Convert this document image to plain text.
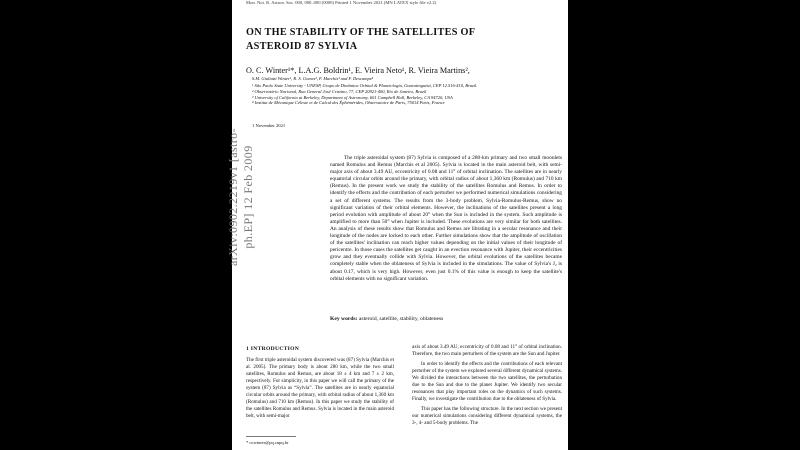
Mon. Not. R. Astron. Soc. 000, 000–000 (0000) Printed 1 November 2021 (MN LATEX style file v2.2)
ON THE STABILITY OF THE SATELLITES OF
ASTEROID 87 SYLVIA
arXiv:0902.2219v1 [astro-ph.EP] 12 Feb 2009
O. C. Winter¹*, L.A.G. Boldrin¹, E. Vieira Neto¹, R. Vieira Martins²,
S.M. Giuliatti Winter¹, R. S. Gomes², F. Marchis³ and F. Descamps⁴
¹ São Paulo State University - UNESP, Grupo de Dinâmica Orbital & Planetologia, Guaratinguetá, CEP 12.516-410, Brazil.
² Observatório Nacional, Rua General José Cristino, 77, CEP 20921-400, Rio de Janeiro, Brazil
³ University of California at Berkeley, Department of Astronomy, 601 Campbell Hall, Berkeley, CA 94720, USA
⁴ Institut de Mécanique Céleste et de Calcul des Éphémérides, Observatoire de Paris, 75014 Paris, France
1 November 2021
The triple asteroidal system (87) Sylvia is composed of a 280-km primary and two small moonlets named Romulus and Remus (Marchis et al 2005). Sylvia is located in the main asteroid belt, with semi-major axis of about 3.49 AU, eccentricity of 0.08 and 11° of orbital inclination. The satellites are in nearly equatorial circular orbits around the primary, with orbital radius of about 1,360 km (Romulus) and 710 km (Remus). In the present work we study the stability of the satellites Romulus and Remus. In order to identify the effects and the contribution of each perturber we performed numerical simulations considering a set of different systems. The results from the 3-body problem, Sylvia-Romulus-Remus, show no significant variation of their orbital elements. However, the inclinations of the satellites present a long period evolution with amplitude of about 20° when the Sun is included in the system. Such amplitude is amplified to more than 50° when Jupiter is included. These evolutions are very similar for both satellites. An analysis of these results show that Romulus and Remus are librating in a secular resonance and their longitude of the nodes are locked to each other. Further simulations show that the amplitude of oscillation of the satellites' inclination can reach higher values depending on the initial values of their longitude of pericentre. In those cases the satellites get caught in an evection resonance with Jupiter, their eccentricities grow and they eventually collide with Sylvia. However, the orbital evolutions of the satellites became completely stable when the oblateness of Sylvia is included in the simulations. The value of Sylvia's J₂ is about 0.17, which is very high. However, even just 0.1% of this value is enough to keep the satellite's orbital elements with no significant variation.
Key words: asteroid, satellite, stability, oblateness
1 INTRODUCTION

The first triple asteroidal system discovered was (87) Sylvia (Marchis et al. 2005). The primary body is about 280 km, while the two small satellites, Romulus and Remus, are about 18 ± 4 km and 7 ± 2 km, respectively. For simplicity, in this paper we will call the primary of the system (87) Sylvia as “Sylvia”. The satellites are in nearly equatorial circular orbits around the primary, with orbital radius of about 1,360 km (Romulus) and 710 km (Remus). In this paper we study the stability of the satellites Romulus and Remus. Sylvia is located in the main asteroid belt, with semi-major

axis of about 3.49 AU, eccentricity of 0.08 and 11° of orbital inclination. Therefore, the two main perturbers of the system are the Sun and Jupiter.

In order to identify the effects and the contributions of each relevant perturber of the system we explored several different dynamical systems. We divided the interactions between the two satellites, the perturbation due to the Sun and due to the planet Jupiter. We identify two secular resonances that play important roles on the dynamics of such systems. Finally, we investigate the contribution due to the oblateness of Sylvia.

This paper has the following structure. In the next section we present our numerical simulations considering different dynamical systems, the 3-, 4- and 5-body problems. The

* ocwinter@pq.cnpq.br
